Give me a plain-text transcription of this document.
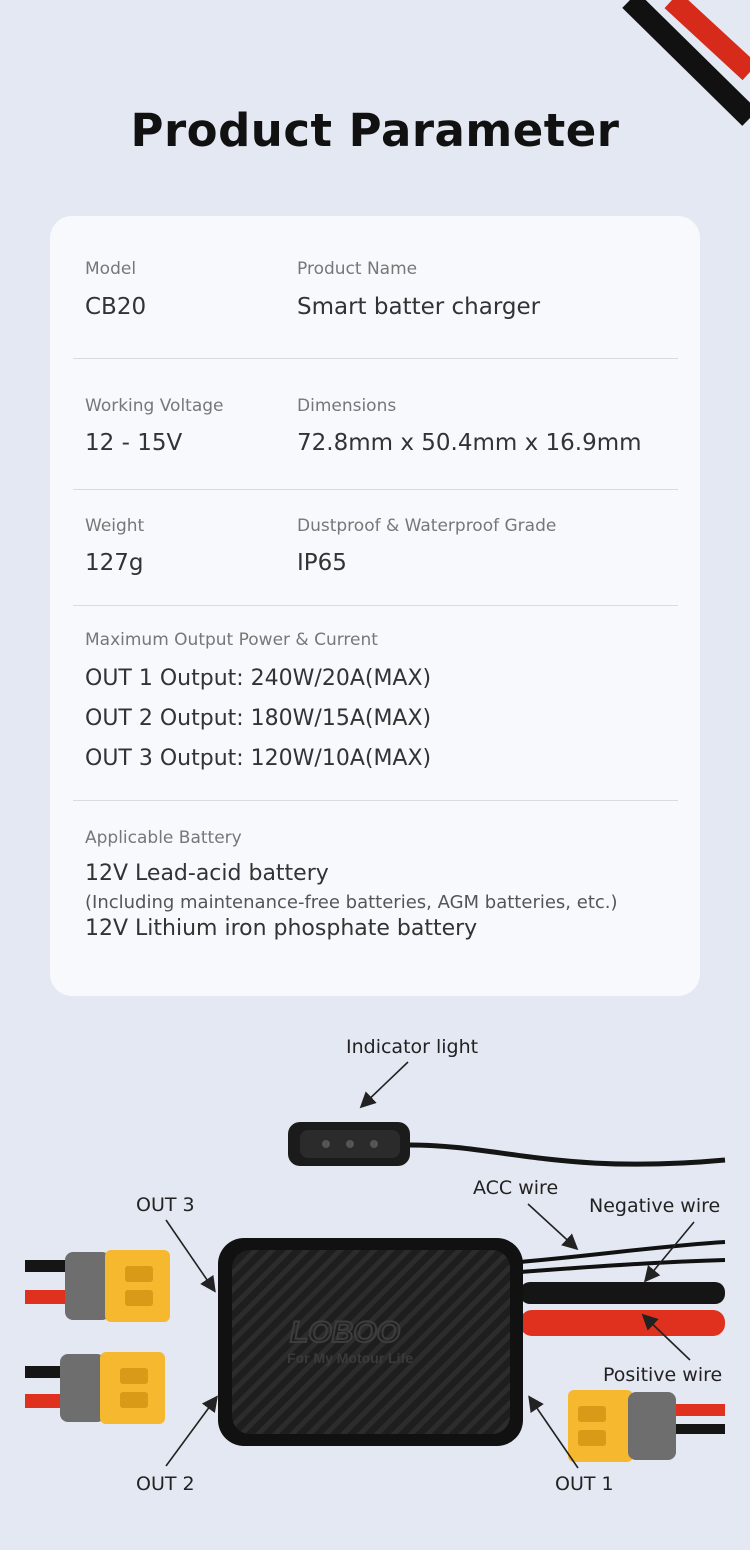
Product Parameter
Model
CB20
Product Name
Smart batter charger
Working Voltage
12 - 15V
Dimensions
72.8mm x 50.4mm x 16.9mm
Weight
127g
Dustproof & Waterproof Grade
IP65
Maximum Output Power & Current
OUT 1 Output: 240W/20A(MAX)
OUT 2 Output: 180W/15A(MAX)
OUT 3 Output: 120W/10A(MAX)
Applicable Battery
12V Lead-acid battery
(Including maintenance-free batteries, AGM batteries, etc.)
12V Lithium iron phosphate battery
LOBOO
For My Motour Life
Indicator light
OUT 3
ACC wire
Negative wire
Positive wire
OUT 2	OUT 1
